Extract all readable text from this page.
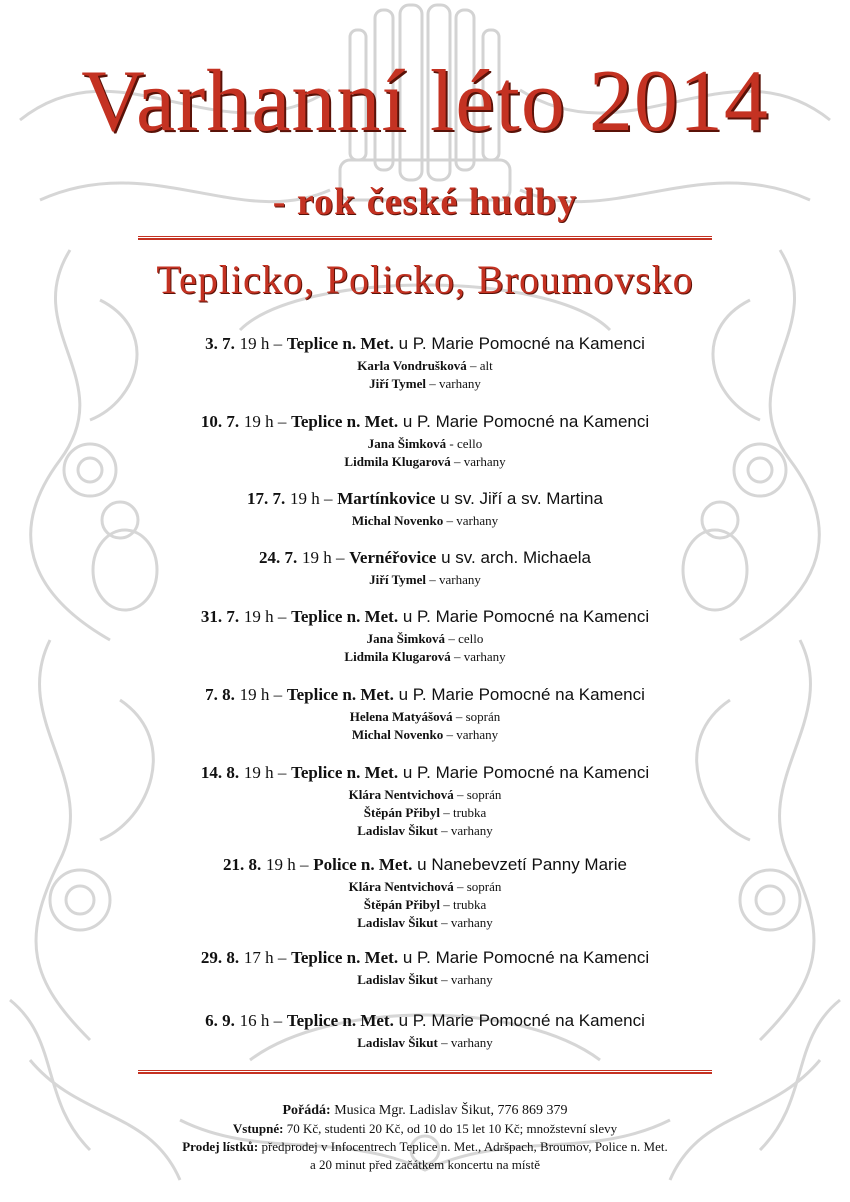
Varhanní léto 2014
- rok české hudby
Teplicko, Policko, Broumovsko
3. 7. 19 h – Teplice n. Met. u P. Marie Pomocné na Kamenci
Karla Vondrušková – alt
Jiří Tymel – varhany
10. 7. 19 h – Teplice n. Met. u P. Marie Pomocné na Kamenci
Jana Šimková - cello
Lidmila Klugarová – varhany
17. 7. 19 h – Martínkovice u sv. Jiří a sv. Martina
Michal Novenko – varhany
24. 7. 19 h – Vernéřovice u sv. arch. Michaela
Jiří Tymel – varhany
31. 7. 19 h – Teplice n. Met. u P. Marie Pomocné na Kamenci
Jana Šimková – cello
Lidmila Klugarová – varhany
7. 8. 19 h – Teplice n. Met. u P. Marie Pomocné na Kamenci
Helena Matyášová – soprán
Michal Novenko – varhany
14. 8. 19 h – Teplice n. Met. u P. Marie Pomocné na Kamenci
Klára Nentvichová – soprán
Štěpán Přibyl – trubka
Ladislav Šikut – varhany
21. 8. 19 h – Police n. Met. u Nanebevzetí Panny Marie
Klára Nentvichová – soprán
Štěpán Přibyl – trubka
Ladislav Šikut – varhany
29. 8. 17 h – Teplice n. Met. u P. Marie Pomocné na Kamenci
Ladislav Šikut – varhany
6. 9. 16 h – Teplice n. Met. u P. Marie Pomocné na Kamenci
Ladislav Šikut – varhany
Pořádá: Musica Mgr. Ladislav Šikut, 776 869 379
Vstupné: 70 Kč, studenti 20 Kč, od 10 do 15 let 10 Kč; množstevní slevy
Prodej lístků: předprodej v Infocentrech Teplice n. Met., Adršpach, Broumov, Police n. Met.
a 20 minut před začátkem koncertu na místě
